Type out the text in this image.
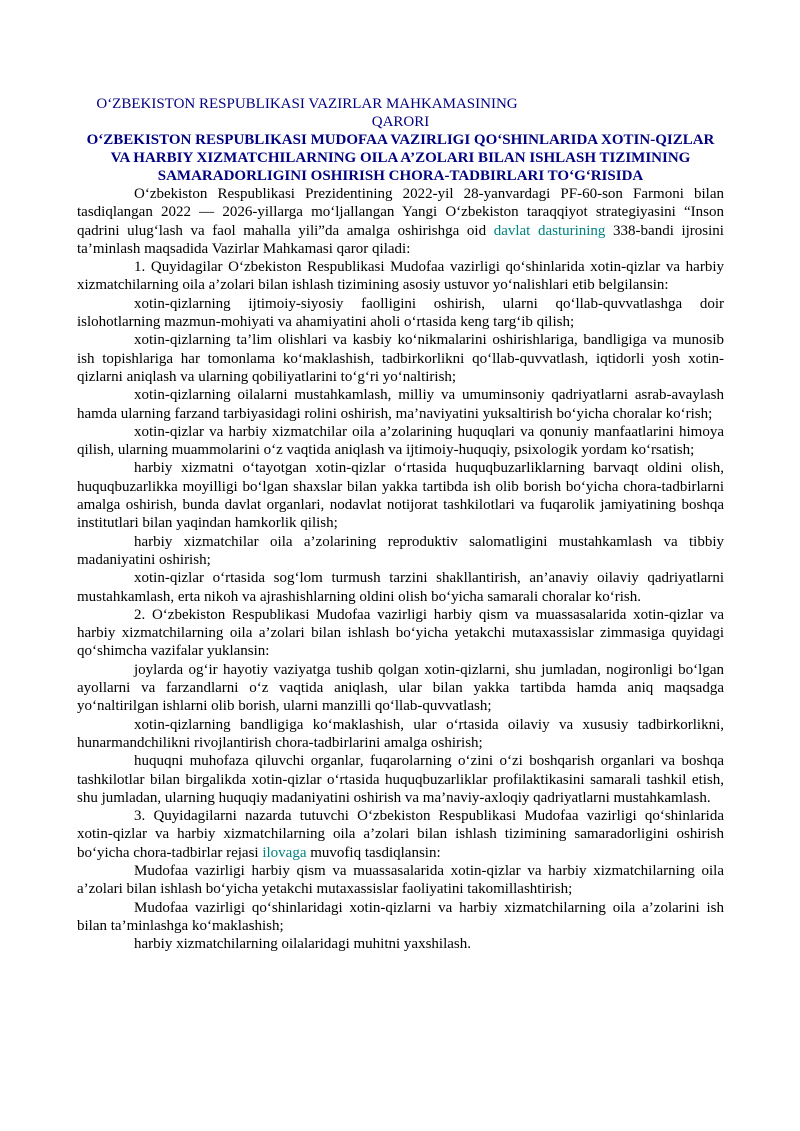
O‘ZBEKISTON RESPUBLIKASI VAZIRLAR MAHKAMASINING
QARORI
O‘ZBEKISTON RESPUBLIKASI MUDOFAA VAZIRLIGI QO‘SHINLARIDA XOTIN-QIZLAR VA HARBIY XIZMATCHILARNING OILA A’ZOLARI BILAN ISHLASH TIZIMINING SAMARADORLIGINI OSHIRISH CHORA-TADBIRLARI TO‘G‘RISIDA

O‘zbekiston Respublikasi Prezidentining 2022-yil 28-yanvardagi PF-60-son Farmoni bilan tasdiqlangan 2022 — 2026-yillarga mo‘ljallangan Yangi O‘zbekiston taraqqiyot strategiyasini “Inson qadrini ulug‘lash va faol mahalla yili”da amalga oshirishga oid davlat dasturining 338-bandi ijrosini ta’minlash maqsadida Vazirlar Mahkamasi qaror qiladi:

1. Quyidagilar O‘zbekiston Respublikasi Mudofaa vazirligi qo‘shinlarida xotin-qizlar va harbiy xizmatchilarning oila a’zolari bilan ishlash tizimining asosiy ustuvor yo‘nalishlari etib belgilansin:

xotin-qizlarning ijtimoiy-siyosiy faolligini oshirish, ularni qo‘llab-quvvatlashga doir islohotlarning mazmun-mohiyati va ahamiyatini aholi o‘rtasida keng targ‘ib qilish;

xotin-qizlarning ta’lim olishlari va kasbiy ko‘nikmalarini oshirishlariga, bandligiga va munosib ish topishlariga har tomonlama ko‘maklashish, tadbirkorlikni qo‘llab-quvvatlash, iqtidorli yosh xotin-qizlarni aniqlash va ularning qobiliyatlarini to‘g‘ri yo‘naltirish;

xotin-qizlarning oilalarni mustahkamlash, milliy va umuminsoniy qadriyatlarni asrab-avaylash hamda ularning farzand tarbiyasidagi rolini oshirish, ma’naviyatini yuksaltirish bo‘yicha choralar ko‘rish;

xotin-qizlar va harbiy xizmatchilar oila a’zolarining huquqlari va qonuniy manfaatlarini himoya qilish, ularning muammolarini o‘z vaqtida aniqlash va ijtimoiy-huquqiy, psixologik yordam ko‘rsatish;

harbiy xizmatni o‘tayotgan xotin-qizlar o‘rtasida huquqbuzarliklarning barvaqt oldini olish, huquqbuzarlikka moyilligi bo‘lgan shaxslar bilan yakka tartibda ish olib borish bo‘yicha chora-tadbirlarni amalga oshirish, bunda davlat organlari, nodavlat notijorat tashkilotlari va fuqarolik jamiyatining boshqa institutlari bilan yaqindan hamkorlik qilish;

harbiy xizmatchilar oila a’zolarining reproduktiv salomatligini mustahkamlash va tibbiy madaniyatini oshirish;

xotin-qizlar o‘rtasida sog‘lom turmush tarzini shakllantirish, an’anaviy oilaviy qadriyatlarni mustahkamlash, erta nikoh va ajrashishlarning oldini olish bo‘yicha samarali choralar ko‘rish.

2. O‘zbekiston Respublikasi Mudofaa vazirligi harbiy qism va muassasalarida xotin-qizlar va harbiy xizmatchilarning oila a’zolari bilan ishlash bo‘yicha yetakchi mutaxassislar zimmasiga quyidagi qo‘shimcha vazifalar yuklansin:

joylarda og‘ir hayotiy vaziyatga tushib qolgan xotin-qizlarni, shu jumladan, nogironligi bo‘lgan ayollarni va farzandlarni o‘z vaqtida aniqlash, ular bilan yakka tartibda hamda aniq maqsadga yo‘naltirilgan ishlarni olib borish, ularni manzilli qo‘llab-quvvatlash;

xotin-qizlarning bandligiga ko‘maklashish, ular o‘rtasida oilaviy va xususiy tadbirkorlikni, hunarmandchilikni rivojlantirish chora-tadbirlarini amalga oshirish;

huquqni muhofaza qiluvchi organlar, fuqarolarning o‘zini o‘zi boshqarish organlari va boshqa tashkilotlar bilan birgalikda xotin-qizlar o‘rtasida huquqbuzarliklar profilaktikasini samarali tashkil etish, shu jumladan, ularning huquqiy madaniyatini oshirish va ma’naviy-axloqiy qadriyatlarni mustahkamlash.

3. Quyidagilarni nazarda tutuvchi O‘zbekiston Respublikasi Mudofaa vazirligi qo‘shinlarida xotin-qizlar va harbiy xizmatchilarning oila a’zolari bilan ishlash tizimining samaradorligini oshirish bo‘yicha chora-tadbirlar rejasi ilovaga muvofiq tasdiqlansin:

Mudofaa vazirligi harbiy qism va muassasalarida xotin-qizlar va harbiy xizmatchilarning oila a’zolari bilan ishlash bo‘yicha yetakchi mutaxassislar faoliyatini takomillashtirish;

Mudofaa vazirligi qo‘shinlaridagi xotin-qizlarni va harbiy xizmatchilarning oila a’zolarini ish bilan ta’minlashga ko‘maklashish;

harbiy xizmatchilarning oilalaridagi muhitni yaxshilash.
